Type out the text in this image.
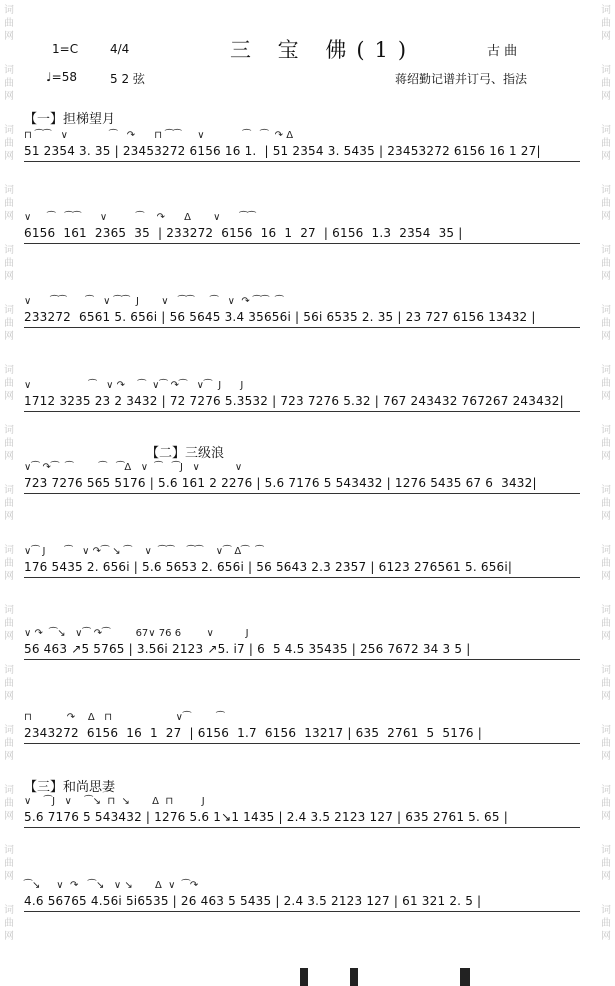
词曲网
词曲网
词曲网
词曲网
词曲网
词曲网
词曲网
词曲网
词曲网
词曲网
词曲网
词曲网
词曲网
词曲网
词曲网
词曲网
词曲网
词曲网
词曲网
词曲网
词曲网
词曲网
词曲网
词曲网
词曲网
词曲网
词曲网
词曲网
词曲网
词曲网
词曲网
词曲网
1=C	4/4	三 宝 佛(1)	古 曲
♩=58	5 2 弦	蒋绍勤记谱并订弓、指法
【一】担梯望月
⊓ ⁀⁀   ∨             ⁀   ↷      ⊓ ⁀⁀     ∨            ⁀   ⁀  ↷ Δ
51 2354 3. 35 | 23453272 6156 16 1.  | 51 2354 3. 5435 | 23453272 6156 16 1 27|
∨     ⁀   ⁀⁀      ∨         ⁀    ↷      Δ       ∨      ⁀⁀
6156  161  2365  35  | 233272  6156  16  1  27  | 6156  1.3  2354  35 |
∨      ⁀⁀      ⁀   ∨ ⁀⁀  J       ∨   ⁀⁀     ⁀   ∨  ↷ ⁀⁀  ⁀
233272  6561 5. 656i | 56 5645 3.4 35656i | 56i 6535 2. 35 | 23 727 6156 13432 |
∨                  ⁀   ∨ ↷    ⁀  ∨⁀ ↷⁀   ∨⁀  J      J
1712 3235 23 2 3432 | 72 7276 5.3532 | 723 7276 5.32 | 767 243432 767267 243432|
【二】三级浪
∨⁀ ↷⁀  ⁀        ⁀   ⁀Δ   ∨  ⁀   ⁀J   ∨           ∨
723 7276 565 5176 | 5.6 161 2 2276 | 5.6 7176 5 543432 | 1276 5435 67 6  3432|
∨⁀ J      ⁀   ∨ ↷⁀ ↘ ⁀    ∨  ⁀⁀    ⁀⁀    ∨⁀ Δ⁀  ⁀
176 5435 2. 656i | 5.6 5653 2. 656i | 56 5643 2.3 2357 | 6123 276561 5. 656i|
∨ ↷  ⁀↘   ∨⁀ ↷⁀        67∨ 76 6        ∨          J
56 463 ↗5 5765 | 3.56i 2123 ↗5. i7 | 6  5 4.5 35435 | 256 7672 34 3 5 |
⊓           ↷    Δ   ⊓                    ∨⁀        ⁀
2343272  6156  16  1  27  | 6156  1.7  6156  13217 | 635  2761  5  5176 |
【三】和尚思妻
∨    ⁀J   ∨    ⁀↘  ⊓  ↘       Δ  ⊓         J
5.6 7176 5 543432 | 1276 5.6 1↘1 1435 | 2.4 3.5 2123 127 | 635 2761 5. 65 |
⁀↘     ∨  ↷   ⁀↘   ∨ ↘       Δ  ∨  ⁀↷
4.6 56765 4.56i 5i6535 | 26 463 5 5435 | 2.4 3.5 2123 127 | 61 321 2. 5 |
